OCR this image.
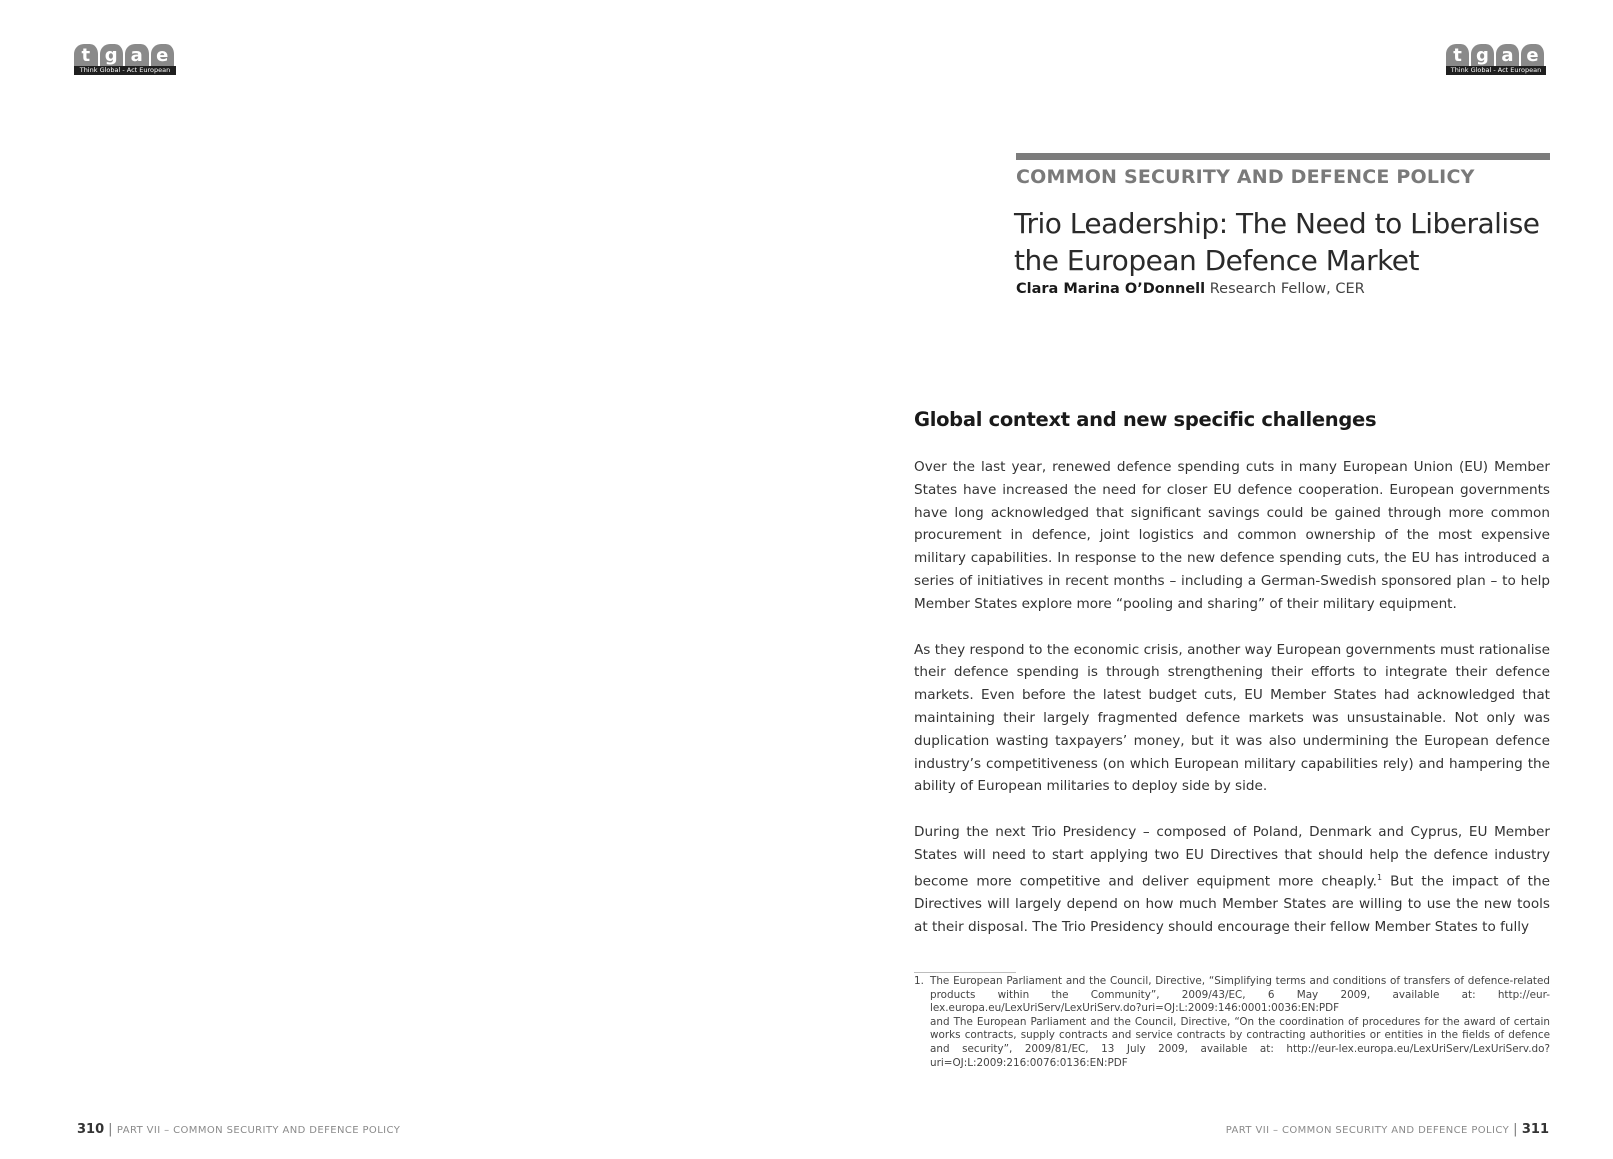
t g a e
Think Global - Act European
t g a e
Think Global - Act European
COMMON SECURITY AND DEFENCE POLICY
Trio Leadership: The Need to Liberalise
the European Defence Market
Clara Marina O’Donnell Research Fellow, CER
Global context and new specific challenges

Over the last year, renewed defence spending cuts in many European Union (EU) Member States have increased the need for closer EU defence cooperation. European governments have long acknowledged that significant savings could be gained through more common procurement in defence, joint logistics and common ownership of the most expensive military capabilities. In response to the new defence spending cuts, the EU has introduced a series of initiatives in recent months – including a German-Swedish sponsored plan – to help Member States explore more “pooling and sharing” of their military equipment.

As they respond to the economic crisis, another way European governments must rationalise their defence spending is through strengthening their efforts to integrate their defence markets. Even before the latest budget cuts, EU Member States had acknowledged that maintaining their largely fragmented defence markets was unsustainable. Not only was duplication wasting taxpayers’ money, but it was also undermining the European defence industry’s competitiveness (on which European military capabilities rely) and hampering the ability of European militaries to deploy side by side.

During the next Trio Presidency – composed of Poland, Denmark and Cyprus, EU Member States will need to start applying two EU Directives that should help the defence industry become more competitive and deliver equipment more cheaply.$^1$ But the impact of the Directives will largely depend on how much Member States are willing to use the new tools at their disposal. The Trio Presidency should encourage their fellow Member States to fully

1. The European Parliament and the Council, Directive, “Simplifying terms and conditions of transfers of defence-related products within the Community”, 2009/43/EC, 6 May 2009, available at: http://eur-lex.europa.eu/LexUriServ/LexUriServ.do?uri=OJ:L:2009:146:0001:0036:EN:PDF
and The European Parliament and the Council, Directive, “On the coordination of procedures for the award of certain works contracts, supply contracts and service contracts by contracting authorities or entities in the fields of defence and security”, 2009/81/EC, 13 July 2009, available at: http://eur-lex.europa.eu/LexUriServ/LexUriServ.do?uri=OJ:L:2009:216:0076:0136:EN:PDF
310 | PART VII – COMMON SECURITY AND DEFENCE POLICY	PART VII – COMMON SECURITY AND DEFENCE POLICY | 311
